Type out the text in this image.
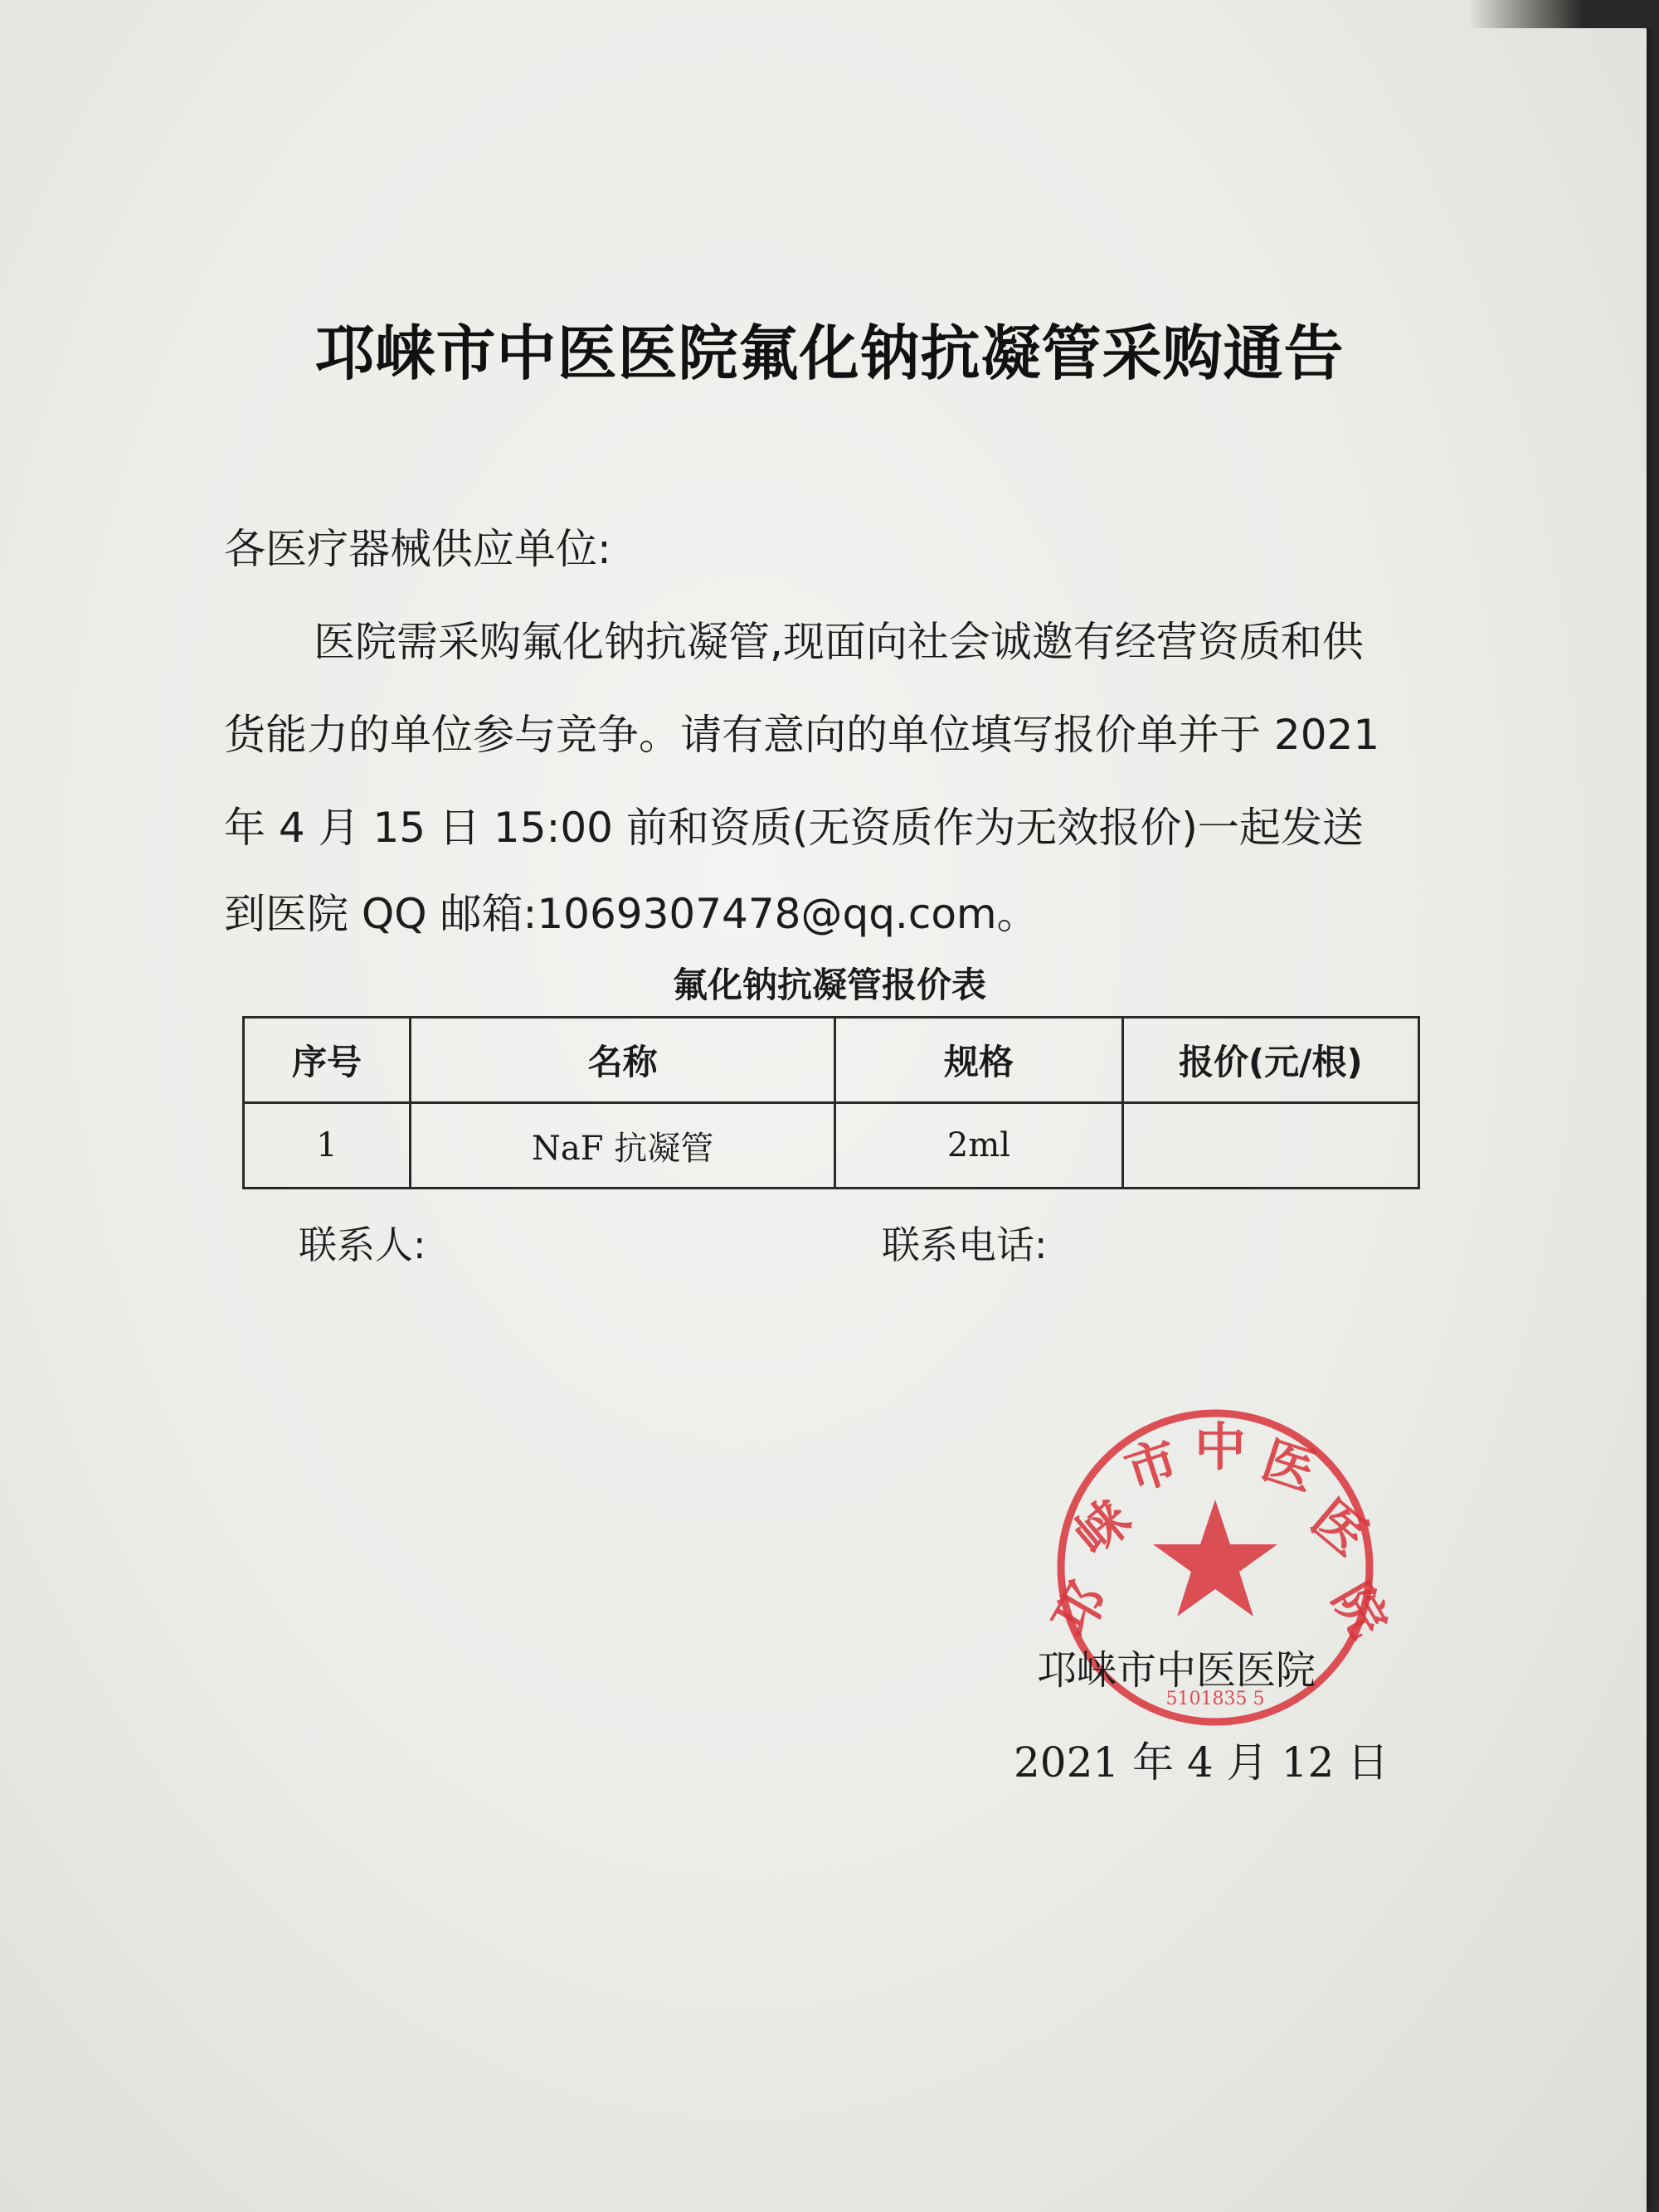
邛崃市中医医院氟化钠抗凝管采购通告
各医疗器械供应单位:
医院需采购氟化钠抗凝管,现面向社会诚邀有经营资质和供
货能力的单位参与竞争。请有意向的单位填写报价单并于 2021
年 4 月 15 日 15:00 前和资质(无资质作为无效报价)一起发送
到医院 QQ 邮箱:1069307478@qq.com。
氟化钠抗凝管报价表
序号	名称	规格	报价(元/根)
1	NaF 抗凝管	2ml	
联系人:	联系电话:
邛
崃
市 中 医
医
院
5101835 5
邛崃市中医医院
2021 年 4 月 12 日
